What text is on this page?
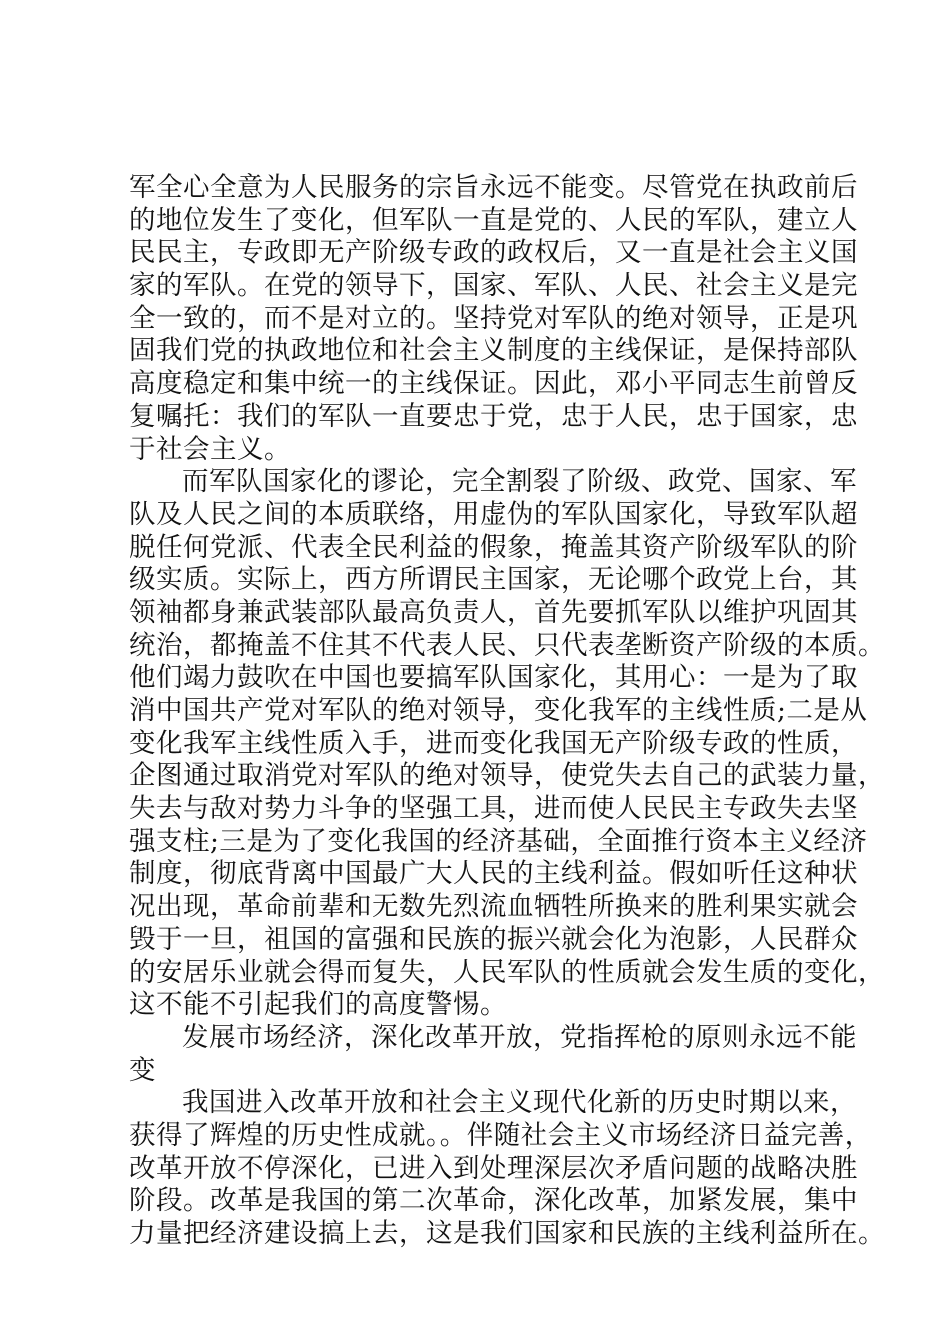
军全心全意为人民服务的宗旨永远不能变。尽管党在执政前后
的地位发生了变化，但军队一直是党的、人民的军队，建立人
民民主，专政即无产阶级专政的政权后，又一直是社会主义国
家的军队。在党的领导下，国家、军队、人民、社会主义是完
全一致的，而不是对立的。坚持党对军队的绝对领导，正是巩
固我们党的执政地位和社会主义制度的主线保证，是保持部队
高度稳定和集中统一的主线保证。因此，邓小平同志生前曾反
复嘱托：我们的军队一直要忠于党，忠于人民，忠于国家，忠
于社会主义。
而军队国家化的谬论，完全割裂了阶级、政党、国家、军
队及人民之间的本质联络，用虚伪的军队国家化，导致军队超
脱任何党派、代表全民利益的假象，掩盖其资产阶级军队的阶
级实质。实际上，西方所谓民主国家，无论哪个政党上台，其
领袖都身兼武装部队最高负责人，首先要抓军队以维护巩固其
统治，都掩盖不住其不代表人民、只代表垄断资产阶级的本质。
他们竭力鼓吹在中国也要搞军队国家化，其用心：一是为了取
消中国共产党对军队的绝对领导，变化我军的主线性质;二是从
变化我军主线性质入手，进而变化我国无产阶级专政的性质，
企图通过取消党对军队的绝对领导，使党失去自己的武装力量，
失去与敌对势力斗争的坚强工具，进而使人民民主专政失去坚
强支柱;三是为了变化我国的经济基础，全面推行资本主义经济
制度，彻底背离中国最广大人民的主线利益。假如听任这种状
况出现，革命前辈和无数先烈流血牺牲所换来的胜利果实就会
毁于一旦，祖国的富强和民族的振兴就会化为泡影，人民群众
的安居乐业就会得而复失，人民军队的性质就会发生质的变化，
这不能不引起我们的高度警惕。
发展市场经济，深化改革开放，党指挥枪的原则永远不能
变
我国进入改革开放和社会主义现代化新的历史时期以来，
获得了辉煌的历史性成就。。伴随社会主义市场经济日益完善，
改革开放不停深化，已进入到处理深层次矛盾问题的战略决胜
阶段。改革是我国的第二次革命，深化改革，加紧发展，集中
力量把经济建设搞上去，这是我们国家和民族的主线利益所在。
